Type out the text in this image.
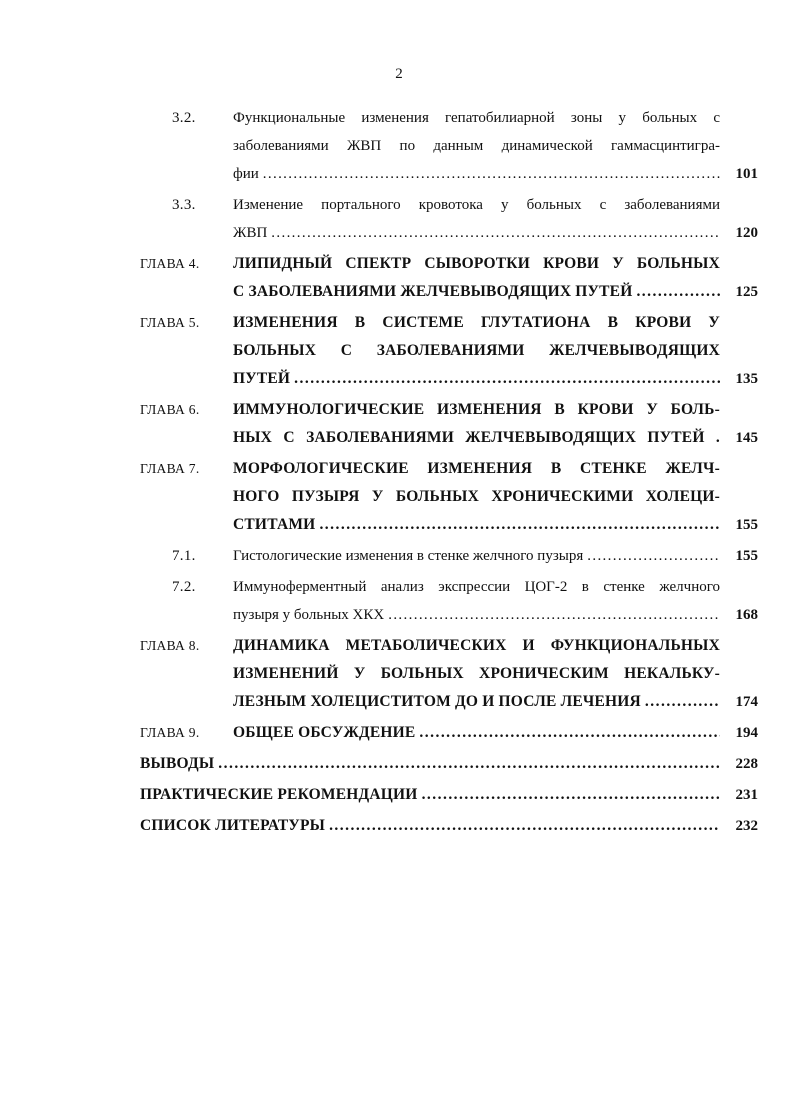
2
3.2.	Функциональные изменения гепатобилиарной зоны у больных с
заболеваниями ЖВП по данным динамической гаммасцинтигра-
фии . . .	101
3.3.	Изменение портального кровотока у больных с заболеваниями
ЖВП . . .	120
ГЛАВА 4.	ЛИПИДНЫЙ СПЕКТР СЫВОРОТКИ КРОВИ У БОЛЬНЫХ
С ЗАБОЛЕВАНИЯМИ ЖЕЛЧЕВЫВОДЯЩИХ ПУТЕЙ . . .	125
ГЛАВА 5.	ИЗМЕНЕНИЯ В СИСТЕМЕ ГЛУТАТИОНА В КРОВИ У
БОЛЬНЫХ С ЗАБОЛЕВАНИЯМИ ЖЕЛЧЕВЫВОДЯЩИХ
ПУТЕЙ . . .	135
ГЛАВА 6.	ИММУНОЛОГИЧЕСКИЕ ИЗМЕНЕНИЯ В КРОВИ У БОЛЬ-
НЫХ С ЗАБОЛЕВАНИЯМИ ЖЕЛЧЕВЫВОДЯЩИХ ПУТЕЙ .	145
ГЛАВА 7.	МОРФОЛОГИЧЕСКИЕ ИЗМЕНЕНИЯ В СТЕНКЕ ЖЕЛЧ-
НОГО ПУЗЫРЯ У БОЛЬНЫХ ХРОНИЧЕСКИМИ ХОЛЕЦИ-
СТИТАМИ . . .	155
7.1.	Гистологические изменения в стенке желчного пузыря . . .	155
7.2.	Иммуноферментный анализ экспрессии ЦОГ-2 в стенке желчного
пузыря у больных ХКХ . . .	168
ГЛАВА 8.	ДИНАМИКА МЕТАБОЛИЧЕСКИХ И ФУНКЦИОНАЛЬНЫХ
ИЗМЕНЕНИЙ У БОЛЬНЫХ ХРОНИЧЕСКИМ НЕКАЛЬКУ-
ЛЕЗНЫМ ХОЛЕЦИСТИТОМ ДО И ПОСЛЕ ЛЕЧЕНИЯ . . .	174
ГЛАВА 9.	ОБЩЕЕ ОБСУЖДЕНИЕ . . .	194
ВЫВОДЫ . . .	228
ПРАКТИЧЕСКИЕ РЕКОМЕНДАЦИИ . . .	231
СПИСОК ЛИТЕРАТУРЫ . . .	232
